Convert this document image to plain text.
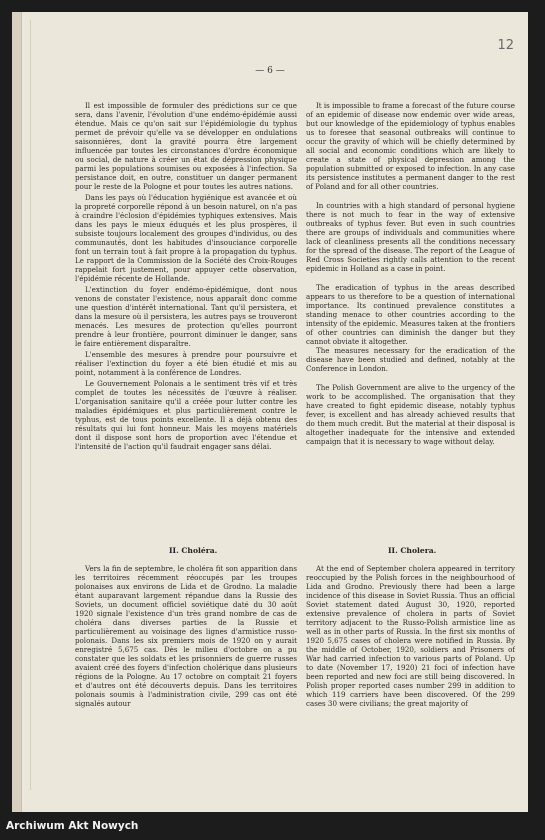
12
— 6 —

Il est impossible de formuler des prédictions sur ce que sera, dans l'avenir, l'évolution d'une endémo-épidémie aussi étendue. Mais ce qu'on sait sur l'épidémiologie du typhus permet de prévoir qu'elle va se développer en ondulations saisonnières, dont la gravité pourra être largement influencée par toutes les circonstances d'ordre économique ou social, de nature à créer un état de dépression physique parmi les populations soumises ou exposées à l'infection. Sa persistance doit, en outre, constituer un danger permanent pour le reste de la Pologne et pour toutes les autres nations.

Dans les pays où l'éducation hygiénique est avancée et où la propreté corporelle répond à un besoin naturel, on n'a pas à craindre l'éclosion d'épidémies typhiques extensives. Mais dans les pays le mieux éduqués et les plus prospères, il subsiste toujours localement des groupes d'individus, ou des communautés, dont les habitudes d'insouciance corporelle font un terrain tout à fait propre à la propagation du typhus. Le rapport de la Commission de la Société des Croix-Rouges rappelait fort justement, pour appuyer cette observation, l'épidémie récente de Hollande.

L'extinction du foyer endémo-épidémique, dont nous venons de constater l'existence, nous apparaît donc comme une question d'intérêt international. Tant qu'il persistera, et dans la mesure où il persistera, les autres pays se trouveront menacés. Les mesures de protection qu'elles pourront prendre à leur frontière, pourront diminuer le danger, sans le faire entièrement disparaître.

L'ensemble des mesures à prendre pour poursuivre et réaliser l'extinction du foyer a été bien étudié et mis au point, notamment à la conférence de Londres.

Le Gouvernement Polonais a le sentiment très vif et très complet de toutes les nécessités de l'œuvre à réaliser. L'organisation sanitaire qu'il a créée pour lutter contre les maladies épidémiques et plus particulièrement contre le typhus, est de tous points excellente. Il a déjà obtenu des résultats qui lui font honneur. Mais les moyens matériels dont il dispose sont hors de proportion avec l'étendue et l'intensité de l'action qu'il faudrait engager sans délai.

It is impossible to frame a forecast of the future course of an epidemic of disease now endemic over wide areas, but our knowledge of the epidemiology of typhus enables us to foresee that seasonal outbreaks will continue to occur the gravity of which will be chiefly determined by all social and economic conditions which are likely to create a state of physical depression among the population submitted or exposed to infection. In any case its persistence institutes a permanent danger to the rest of Poland and for all other countries.

In countries with a high standard of personal hygiene there is not much to fear in the way of extensive outbreaks of typhus fever. But even in such countries there are groups of individuals and communities where lack of cleanliness presents all the conditions necessary for the spread of the disease. The report of the League of Red Cross Societies rightly calls attention to the recent epidemic in Holland as a case in point.

The eradication of typhus in the areas described appears to us therefore to be a question of international importance. Its continued prevalence constitutes a standing menace to other countries according to the intensity of the epidemic. Measures taken at the frontiers of other countries can diminish the danger but they cannot obviate it altogether.

The measures necessary for the eradication of the disease have been studied and defined, notably at the Conference in London.

The Polish Government are alive to the urgency of the work to be accomplished. The organisation that they have created to fight epidemic disease, notably typhus fever, is excellent and has already achieved results that do them much credit. But the material at their disposal is altogether inadequate for the intensive and extended campaign that it is necessary to wage without delay.

II. Choléra.	II. Cholera.

Vers la fin de septembre, le choléra fit son apparition dans les territoires récemment réoccupés par les troupes polonaises aux environs de Lida et de Grodno. La maladie étant auparavant largement répandue dans la Russie des Soviets, un document officiel soviétique daté du 30 août 1920 signale l'existence d'un très grand nombre de cas de choléra dans diverses parties de la Russie et particulièrement au voisinage des lignes d'armistice russo-polonais. Dans les six premiers mois de 1920 on y aurait enregistré 5,675 cas. Dès le milieu d'octobre on a pu constater que les soldats et les prisonniers de guerre russes avaient créé des foyers d'infection cholérique dans plusieurs régions de la Pologne. Au 17 octobre on comptait 21 foyers et d'autres ont été découverts depuis. Dans les territoires polonais soumis à l'administration civile, 299 cas ont été signalés autour

At the end of September cholera appeared in territory reoccupied by the Polish forces in the neighbourhood of Lida and Grodno. Previously there had been a large incidence of this disease in Soviet Russia. Thus an official Soviet statement dated August 30, 1920, reported extensive prevalence of cholera in parts of Soviet territory adjacent to the Russo-Polish armistice line as well as in other parts of Russia. In the first six months of 1920 5,675 cases of cholera were notified in Russia. By the middle of October, 1920, soldiers and Prisoners of War had carried infection to various parts of Poland. Up to date (November 17, 1920) 21 foci of infection have been reported and new foci are still being discovered. In Polish proper reported cases number 299 in addition to which 119 carriers have been discovered. Of the 299 cases 30 were civilians; the great majority of

Archiwum Akt Nowych
